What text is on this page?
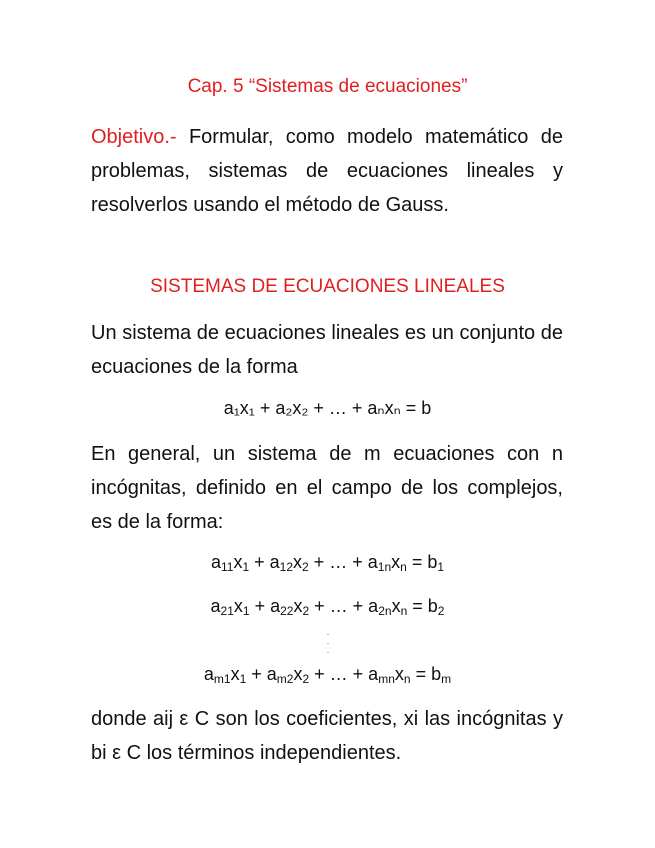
Cap. 5 “Sistemas de ecuaciones”

Objetivo.- Formular, como modelo matemático de problemas, sistemas de ecuaciones lineales y resolverlos usando el método de Gauss.

SISTEMAS DE ECUACIONES LINEALES

Un sistema de ecuaciones lineales es un conjunto de ecuaciones de la forma

a₁x₁ + a₂x₂ + … + aₙxₙ = b

En general, un sistema de m ecuaciones con n incógnitas, definido en el campo de los complejos, es de la forma:

$a_{11}x_1 + a_{12}x_2$ + … + $a_{1n}x_n = b_1$
$a_{21}x_1 + a_{22}x_2$ + … + $a_{2n}x_n = b_2$
.
.
.
$a_{m1}x_1 + a_{m2}x_2$ + … + $a_{mn}x_n = b_m$

donde aij ε C son los coeficientes, xi las incógnitas y bi ε C los términos independientes.
